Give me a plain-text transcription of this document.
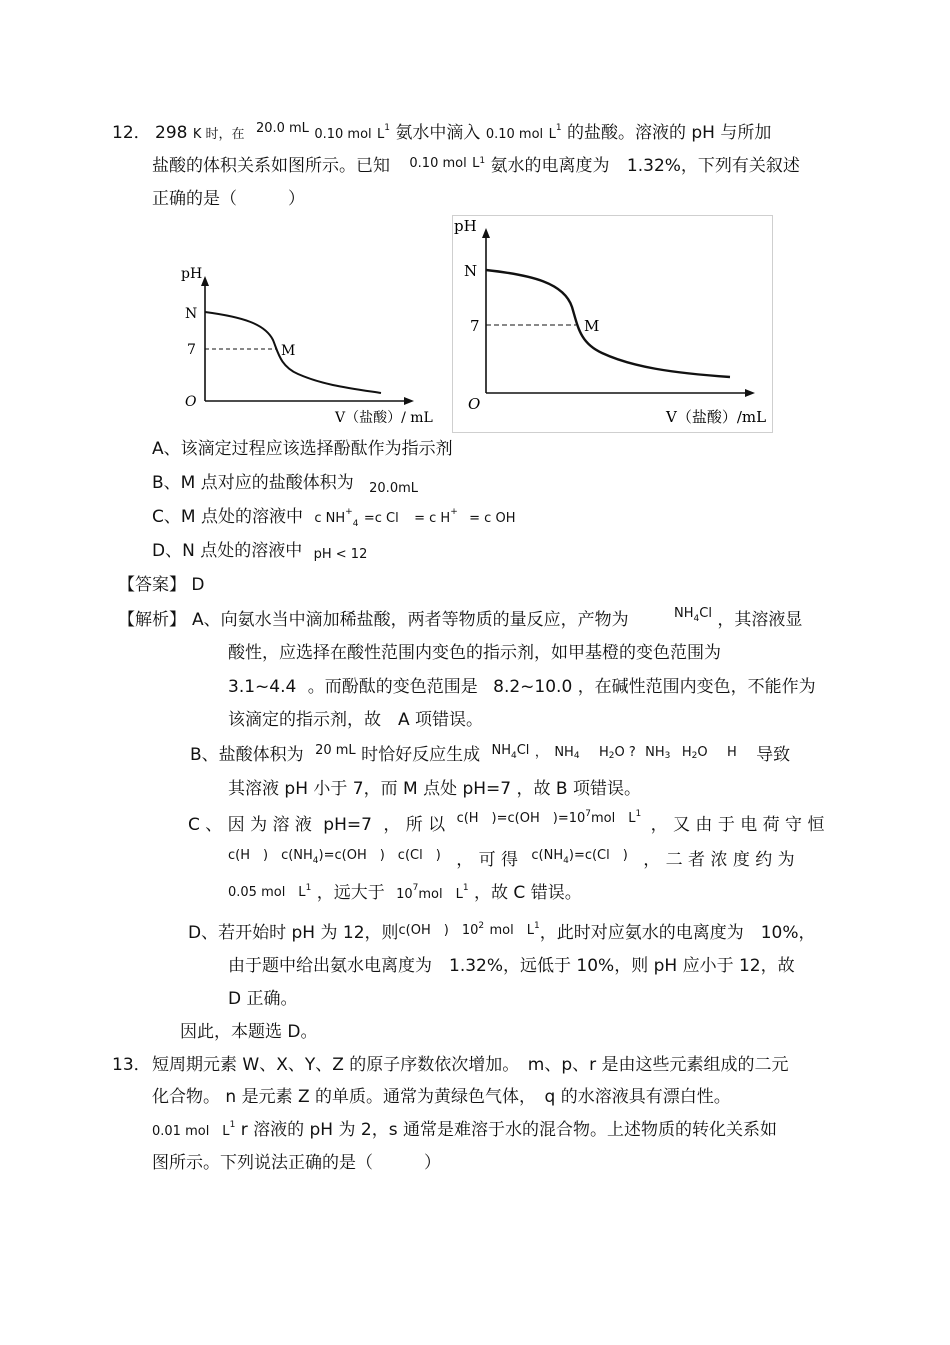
12． 298 K 时，在 $^{20.0 mL}$ 0.10 mol $L^1$ 氨水中滴入 0.10 mol $L^1$ 的盐酸。溶液的 pH 与所加
盐酸的体积关系如图所示。已知 $^{0.10 mol}$ $^{L1}$ 氨水的电离度为 1.32%，下列有关叙述
正确的是（　　　）
pH
N
7	M
O
V（盐酸）/ mL
pH
N
7	M
O
V（盐酸）/mL
A、该滴定过程应该选择酚酞作为指示剂
B、M 点对应的盐酸体积为 $_{20.0mL}$
C、M 点处的溶液中 c $NH^+_4 =c$ Cl = c H+ = c OH
D、N 点处的溶液中 pH < 12
【答案】 D
【解析】 A、向氨水当中滴加稀盐酸，两者等物质的量反应，产物为	$^{NH4Cl}$ ，其溶液显
酸性，应选择在酸性范围内变色的指示剂，如甲基橙的变色范围为
3.1~4.4 。而酚酞的变色范围是 8.2~10.0 ，在碱性范围内变色，不能作为
该滴定的指示剂，故　A 项错误。
B、盐酸体积为 $^{20 mL}$ 时恰好反应生成 $^{NH}4^{Cl}$ $^{, NH}$4 $^H2^{O ?}$ $^{NH}$3 $^H2^O$ $^H$ 导致
其溶液 pH 小于 7，而 M 点处 pH=7 ，故 B 项错误。
C 、 因 为 溶 液 pH=7 ， 所 以 $^{c(H )=c(OH )=107mol L1}$ ， 又 由 于 电 荷 守 恒
$^{c(H ) c(NH}4^{)=c(OH ) c(Cl )}$ ， 可 得 $^{c(NH}4^{)=c(Cl )}$ ， 二 者 浓 度 约 为
0.05 mol　$L^1$ ，远大于 $10^7mol$　$L^1$ ，故 C 错误。
D、若开始时 pH 为 12，则$^{c(OH ) 102}$ $^{mol L1}$，此时对应氨水的电离度为　10%，
由于题中给出氨水电离度为　1.32%，远低于 10%，则 pH 应小于 12，故
D 正确。
因此，本题选 D。
13． 短周期元素 W、X、Y、Z 的原子序数依次增加。　m、p、r 是由这些元素组成的二元
化合物。 n 是元素 Z 的单质。通常为黄绿色气体，　q 的水溶液具有漂白性。
0.01 mol　$L^1$ r 溶液的 pH 为 2，s 通常是难溶于水的混合物。上述物质的转化关系如
图所示。下列说法正确的是（　　　）
